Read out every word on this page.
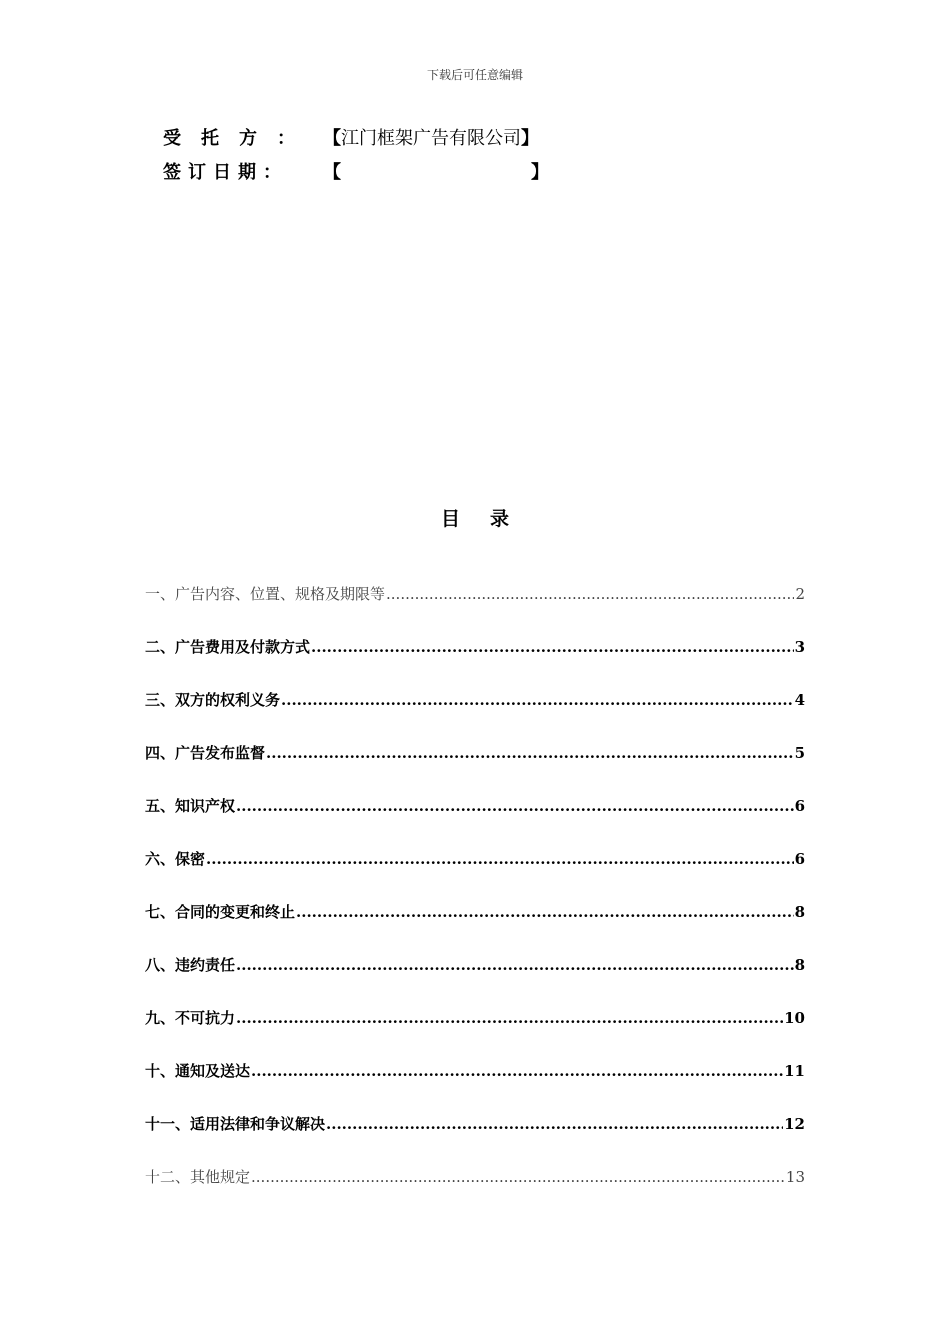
下载后可任意编辑
受托方： 【 江门框架广告有限公司 】
签订日期：	【	】
目录
一、广告内容、位置、规格及期限等 .....	2
二、广告费用及付款方式 .....	3
三、双方的权利义务 .....	4
四、广告发布监督 .....	5
五、知识产权 .....	6
六、保密 .....	6
七、合同的变更和终止 .....	8
八、违约责任 .....	8
九、不可抗力 .....	10
十、通知及送达 .....	11
十一、适用法律和争议解决 .....	12
十二、其他规定 .....	13
